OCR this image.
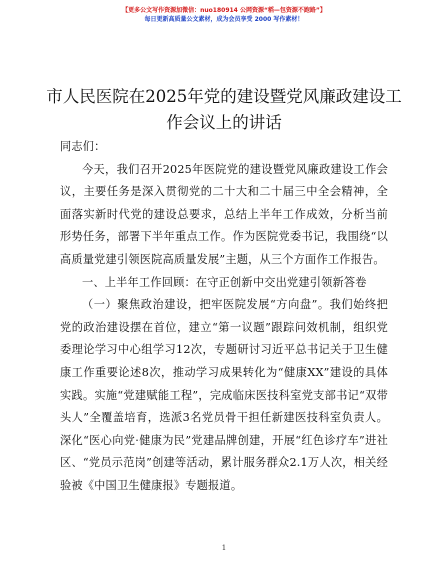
【更多公文写作资源加微信：nuo180914 公网资源“稻—包资源不跑路”】
每日更新高质量公文素材，成为会员享受 2000 写作素材！
市人民医院在2025年党的建设暨党风廉政建设工作会议上的讲话

同志们：

今天，我们召开2025年医院党的建设暨党风廉政建设工作会议，主要任务是深入贯彻党的二十大和二十届三中全会精神，全面落实新时代党的建设总要求，总结上半年工作成效，分析当前形势任务，部署下半年重点工作。作为医院党委书记，我围绕“以高质量党建引领医院高质量发展”主题，从三个方面作工作报告。

一、上半年工作回顾：在守正创新中交出党建引领新答卷

（一）聚焦政治建设，把牢医院发展“方向盘”。我们始终把党的政治建设摆在首位，建立“第一议题”跟踪问效机制，组织党委理论学习中心组学习12次，专题研讨习近平总书记关于卫生健康工作重要论述8次，推动学习成果转化为“健康XX”建设的具体实践。实施“党建赋能工程”，完成临床医技科室党支部书记“双带头人”全覆盖培育，选派3名党员骨干担任新建医技科室负责人。深化“医心向党·健康为民”党建品牌创建，开展“红色诊疗车”进社区、“党员示范岗”创建等活动，累计服务群众2.1万人次，相关经验被《中国卫生健康报》专题报道。

1
